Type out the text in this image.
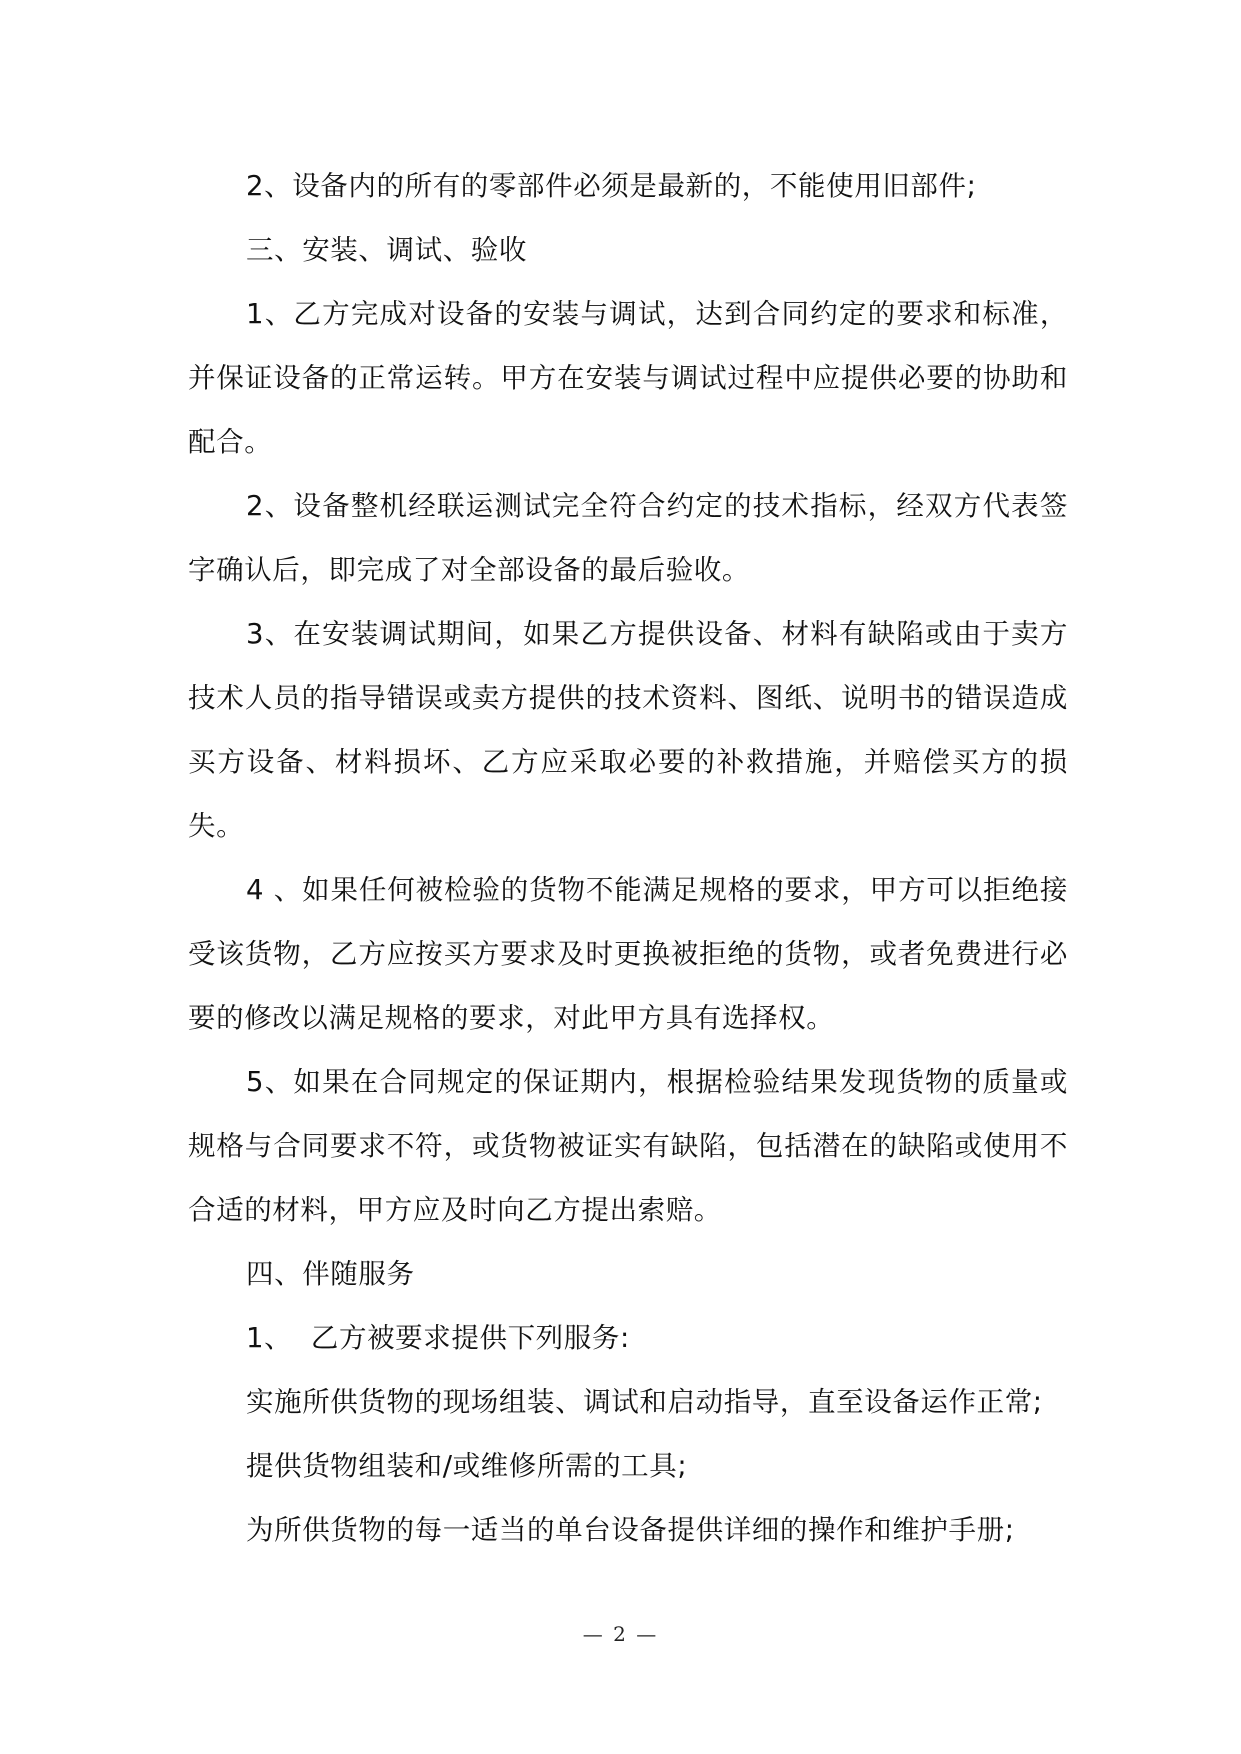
2、设备内的所有的零部件必须是最新的，不能使用旧部件;

三、安装、调试、验收

1、乙方完成对设备的安装与调试，达到合同约定的要求和标准，并保证设备的正常运转。甲方在安装与调试过程中应提供必要的协助和配合。

2、设备整机经联运测试完全符合约定的技术指标，经双方代表签字确认后，即完成了对全部设备的最后验收。

3、在安装调试期间，如果乙方提供设备、材料有缺陷或由于卖方技术人员的指导错误或卖方提供的技术资料、图纸、说明书的错误造成买方设备、材料损坏、乙方应采取必要的补救措施，并赔偿买方的损失。

4 、如果任何被检验的货物不能满足规格的要求，甲方可以拒绝接受该货物，乙方应按买方要求及时更换被拒绝的货物，或者免费进行必要的修改以满足规格的要求，对此甲方具有选择权。

5、如果在合同规定的保证期内，根据检验结果发现货物的质量或规格与合同要求不符，或货物被证实有缺陷，包括潜在的缺陷或使用不合适的材料，甲方应及时向乙方提出索赔。

四、伴随服务

1、  乙方被要求提供下列服务:

实施所供货物的现场组装、调试和启动指导，直至设备运作正常;

提供货物组装和/或维修所需的工具;

为所供货物的每一适当的单台设备提供详细的操作和维护手册;

— 2 —
